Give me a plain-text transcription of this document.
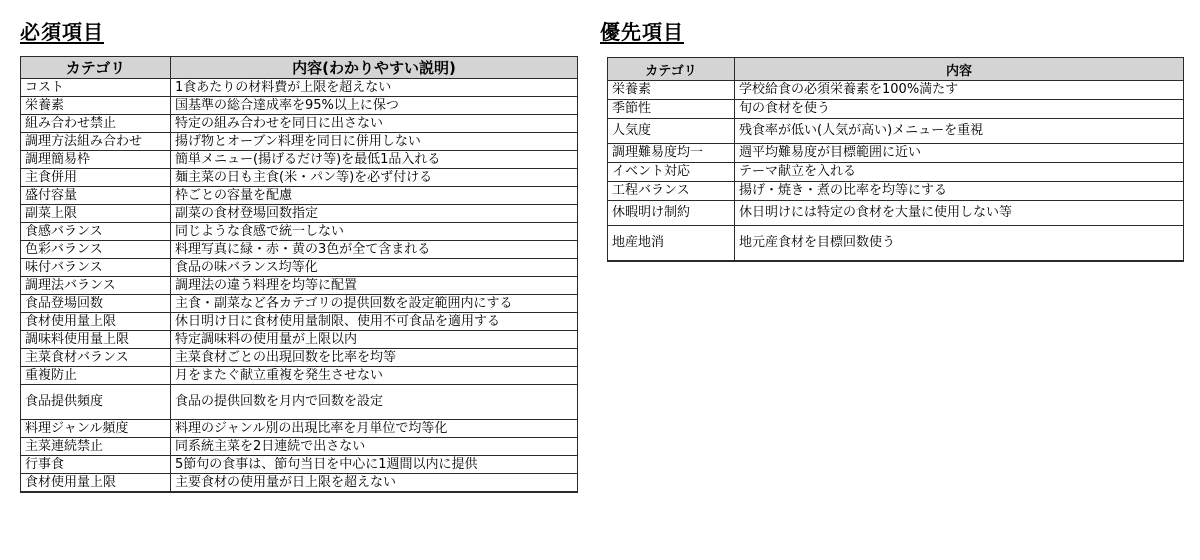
必須項目	優先項目
カテゴリ	内容(わかりやすい説明)
コスト	1食あたりの材料費が上限を超えない
栄養素	国基準の総合達成率を95%以上に保つ
組み合わせ禁止	特定の組み合わせを同日に出さない
調理方法組み合わせ	揚げ物とオーブン料理を同日に併用しない
調理簡易枠	簡単メニュー(揚げるだけ等)を最低1品入れる
主食併用	麺主菜の日も主食(米・パン等)を必ず付ける
盛付容量	枠ごとの容量を配慮
副菜上限	副菜の食材登場回数指定
食感バランス	同じような食感で統一しない
色彩バランス	料理写真に緑・赤・黄の3色が全て含まれる
味付バランス	食品の味バランス均等化
調理法バランス	調理法の違う料理を均等に配置
食品登場回数	主食・副菜など各カテゴリの提供回数を設定範囲内にする
食材使用量上限	休日明け日に食材使用量制限、使用不可食品を適用する
調味料使用量上限	特定調味料の使用量が上限以内
主菜食材バランス	主菜食材ごとの出現回数を比率を均等
重複防止	月をまたぐ献立重複を発生させない
食品提供頻度	食品の提供回数を月内で回数を設定
料理ジャンル頻度	料理のジャンル別の出現比率を月単位で均等化
主菜連続禁止	同系統主菜を2日連続で出さない
行事食	5節句の食事は、節句当日を中心に1週間以内に提供
食材使用量上限	主要食材の使用量が日上限を超えない
カテゴリ	内容
栄養素	学校給食の必須栄養素を100%満たす
季節性	旬の食材を使う
人気度	残食率が低い(人気が高い)メニューを重視
調理難易度均一	週平均難易度が目標範囲に近い
イベント対応	テーマ献立を入れる
工程バランス	揚げ・焼き・煮の比率を均等にする
休暇明け制約	休日明けには特定の食材を大量に使用しない等
地産地消	地元産食材を目標回数使う
